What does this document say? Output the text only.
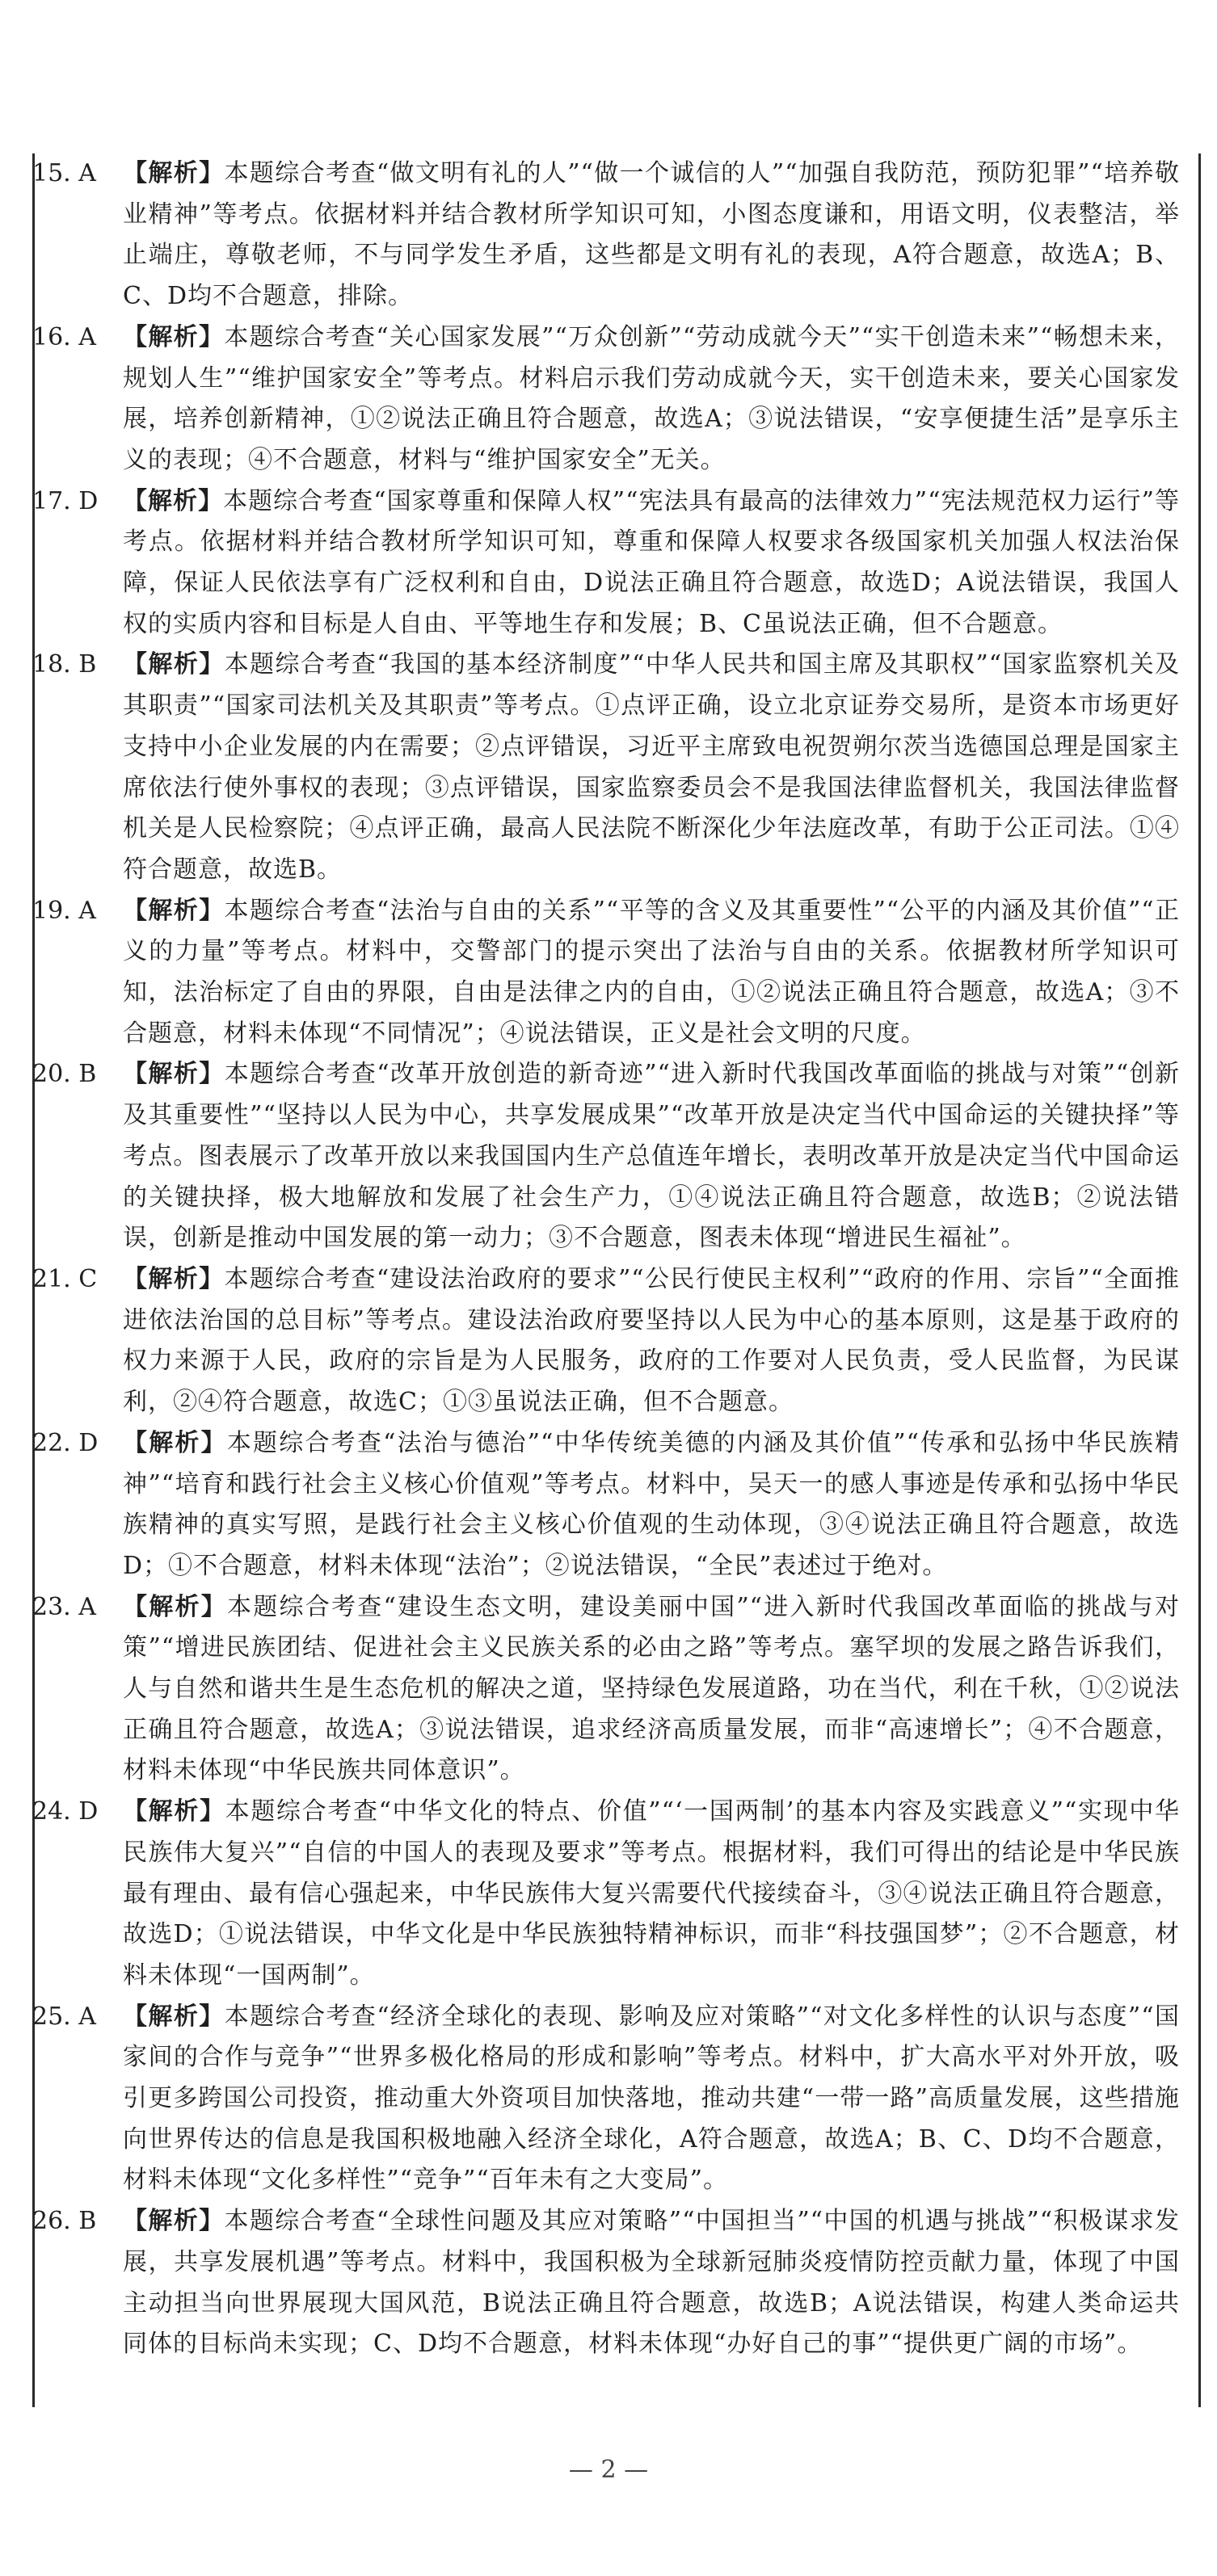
15. A	【解析】本题综合考查“做文明有礼的人”“做一个诚信的人”“加强自我防范，预防犯罪”“培养敬业精神”等考点。依据材料并结合教材所学知识可知，小图态度谦和，用语文明，仪表整洁，举止端庄，尊敬老师，不与同学发生矛盾，这些都是文明有礼的表现，A符合题意，故选A；B、C、D均不合题意，排除。
16. A	【解析】本题综合考查“关心国家发展”“万众创新”“劳动成就今天”“实干创造未来”“畅想未来，规划人生”“维护国家安全”等考点。材料启示我们劳动成就今天，实干创造未来，要关心国家发展，培养创新精神，①②说法正确且符合题意，故选A；③说法错误，“安享便捷生活”是享乐主义的表现；④不合题意，材料与“维护国家安全”无关。
17. D	【解析】本题综合考查“国家尊重和保障人权”“宪法具有最高的法律效力”“宪法规范权力运行”等考点。依据材料并结合教材所学知识可知，尊重和保障人权要求各级国家机关加强人权法治保障，保证人民依法享有广泛权利和自由，D说法正确且符合题意，故选D；A说法错误，我国人权的实质内容和目标是人自由、平等地生存和发展；B、C虽说法正确，但不合题意。
18. B	【解析】本题综合考查“我国的基本经济制度”“中华人民共和国主席及其职权”“国家监察机关及其职责”“国家司法机关及其职责”等考点。①点评正确，设立北京证券交易所，是资本市场更好支持中小企业发展的内在需要；②点评错误，习近平主席致电祝贺朔尔茨当选德国总理是国家主席依法行使外事权的表现；③点评错误，国家监察委员会不是我国法律监督机关，我国法律监督机关是人民检察院；④点评正确，最高人民法院不断深化少年法庭改革，有助于公正司法。①④符合题意，故选B。
19. A	【解析】本题综合考查“法治与自由的关系”“平等的含义及其重要性”“公平的内涵及其价值”“正义的力量”等考点。材料中，交警部门的提示突出了法治与自由的关系。依据教材所学知识可知，法治标定了自由的界限，自由是法律之内的自由，①②说法正确且符合题意，故选A；③不合题意，材料未体现“不同情况”；④说法错误，正义是社会文明的尺度。
20. B	【解析】本题综合考查“改革开放创造的新奇迹”“进入新时代我国改革面临的挑战与对策”“创新及其重要性”“坚持以人民为中心，共享发展成果”“改革开放是决定当代中国命运的关键抉择”等考点。图表展示了改革开放以来我国国内生产总值连年增长，表明改革开放是决定当代中国命运的关键抉择，极大地解放和发展了社会生产力，①④说法正确且符合题意，故选B；②说法错误，创新是推动中国发展的第一动力；③不合题意，图表未体现“增进民生福祉”。
21. C	【解析】本题综合考查“建设法治政府的要求”“公民行使民主权利”“政府的作用、宗旨”“全面推进依法治国的总目标”等考点。建设法治政府要坚持以人民为中心的基本原则，这是基于政府的权力来源于人民，政府的宗旨是为人民服务，政府的工作要对人民负责，受人民监督，为民谋利，②④符合题意，故选C；①③虽说法正确，但不合题意。
22. D	【解析】本题综合考查“法治与德治”“中华传统美德的内涵及其价值”“传承和弘扬中华民族精神”“培育和践行社会主义核心价值观”等考点。材料中，吴天一的感人事迹是传承和弘扬中华民族精神的真实写照，是践行社会主义核心价值观的生动体现，③④说法正确且符合题意，故选D；①不合题意，材料未体现“法治”；②说法错误，“全民”表述过于绝对。
23. A	【解析】本题综合考查“建设生态文明，建设美丽中国”“进入新时代我国改革面临的挑战与对策”“增进民族团结、促进社会主义民族关系的必由之路”等考点。塞罕坝的发展之路告诉我们，人与自然和谐共生是生态危机的解决之道，坚持绿色发展道路，功在当代，利在千秋，①②说法正确且符合题意，故选A；③说法错误，追求经济高质量发展，而非“高速增长”；④不合题意，材料未体现“中华民族共同体意识”。
24. D	【解析】本题综合考查“中华文化的特点、价值”“‘一国两制’的基本内容及实践意义”“实现中华民族伟大复兴”“自信的中国人的表现及要求”等考点。根据材料，我们可得出的结论是中华民族最有理由、最有信心强起来，中华民族伟大复兴需要代代接续奋斗，③④说法正确且符合题意，故选D；①说法错误，中华文化是中华民族独特精神标识，而非“科技强国梦”；②不合题意，材料未体现“一国两制”。
25. A	【解析】本题综合考查“经济全球化的表现、影响及应对策略”“对文化多样性的认识与态度”“国家间的合作与竞争”“世界多极化格局的形成和影响”等考点。材料中，扩大高水平对外开放，吸引更多跨国公司投资，推动重大外资项目加快落地，推动共建“一带一路”高质量发展，这些措施向世界传达的信息是我国积极地融入经济全球化，A符合题意，故选A；B、C、D均不合题意，材料未体现“文化多样性”“竞争”“百年未有之大变局”。
26. B	【解析】本题综合考查“全球性问题及其应对策略”“中国担当”“中国的机遇与挑战”“积极谋求发展，共享发展机遇”等考点。材料中，我国积极为全球新冠肺炎疫情防控贡献力量，体现了中国主动担当向世界展现大国风范，B说法正确且符合题意，故选B；A说法错误，构建人类命运共同体的目标尚未实现；C、D均不合题意，材料未体现“办好自己的事”“提供更广阔的市场”。
— 2 —
